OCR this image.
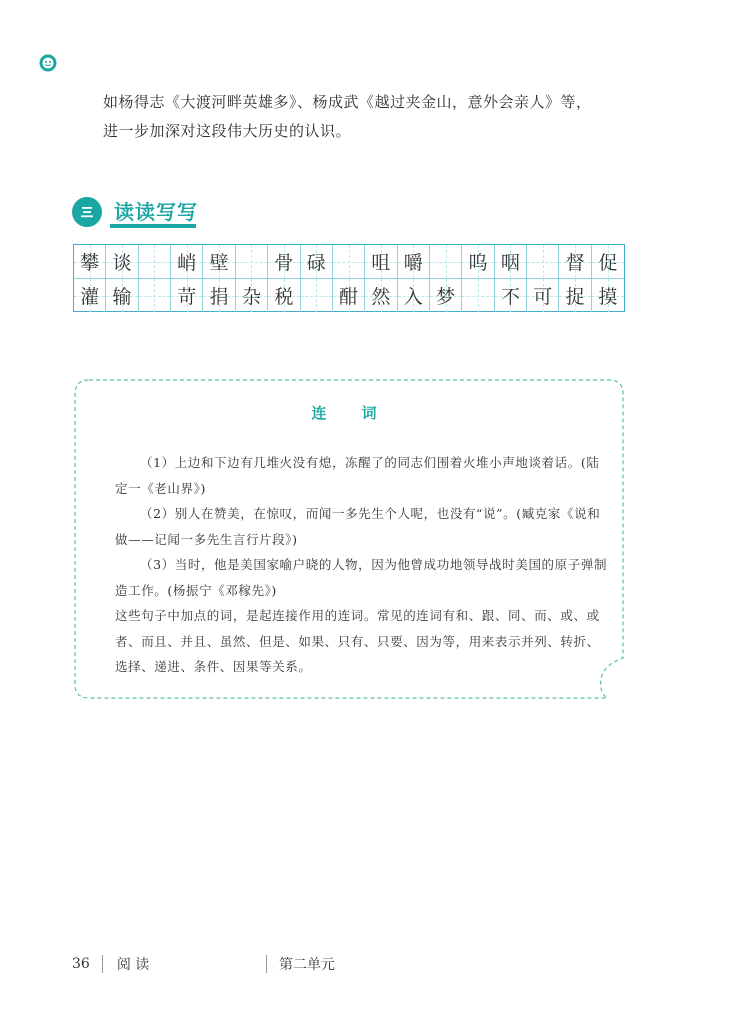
如杨得志《大渡河畔英雄多》、杨成武《越过夹金山，意外会亲人》等，

进一步加深对这段伟大历史的认识。

读读写写
攀 谈 峭 壁 骨 碌 咀 嚼 呜 咽 督 促
灌 输 苛 捐 杂 税 酣 然 入 梦 不 可 捉 摸
连　词

（1）上边和下边有几堆火没有熄，冻醒了的同志们围着火堆小声地谈着话。(陆定一《老山界》)

（2）别人在赞美，在惊叹，而闻一多先生个人呢，也没有“说”。(臧克家《说和做——记闻一多先生言行片段》)

（3）当时，他是美国家喻户晓的人物，因为他曾成功地领导战时美国的原子弹制造工作。(杨振宁《邓稼先》)

这些句子中加点的词，是起连接作用的连词。常见的连词有和、跟、同、而、或、或者、而且、并且、虽然、但是、如果、只有、只要、因为等，用来表示并列、转折、选择、递进、条件、因果等关系。

36 阅 读	第二单元
